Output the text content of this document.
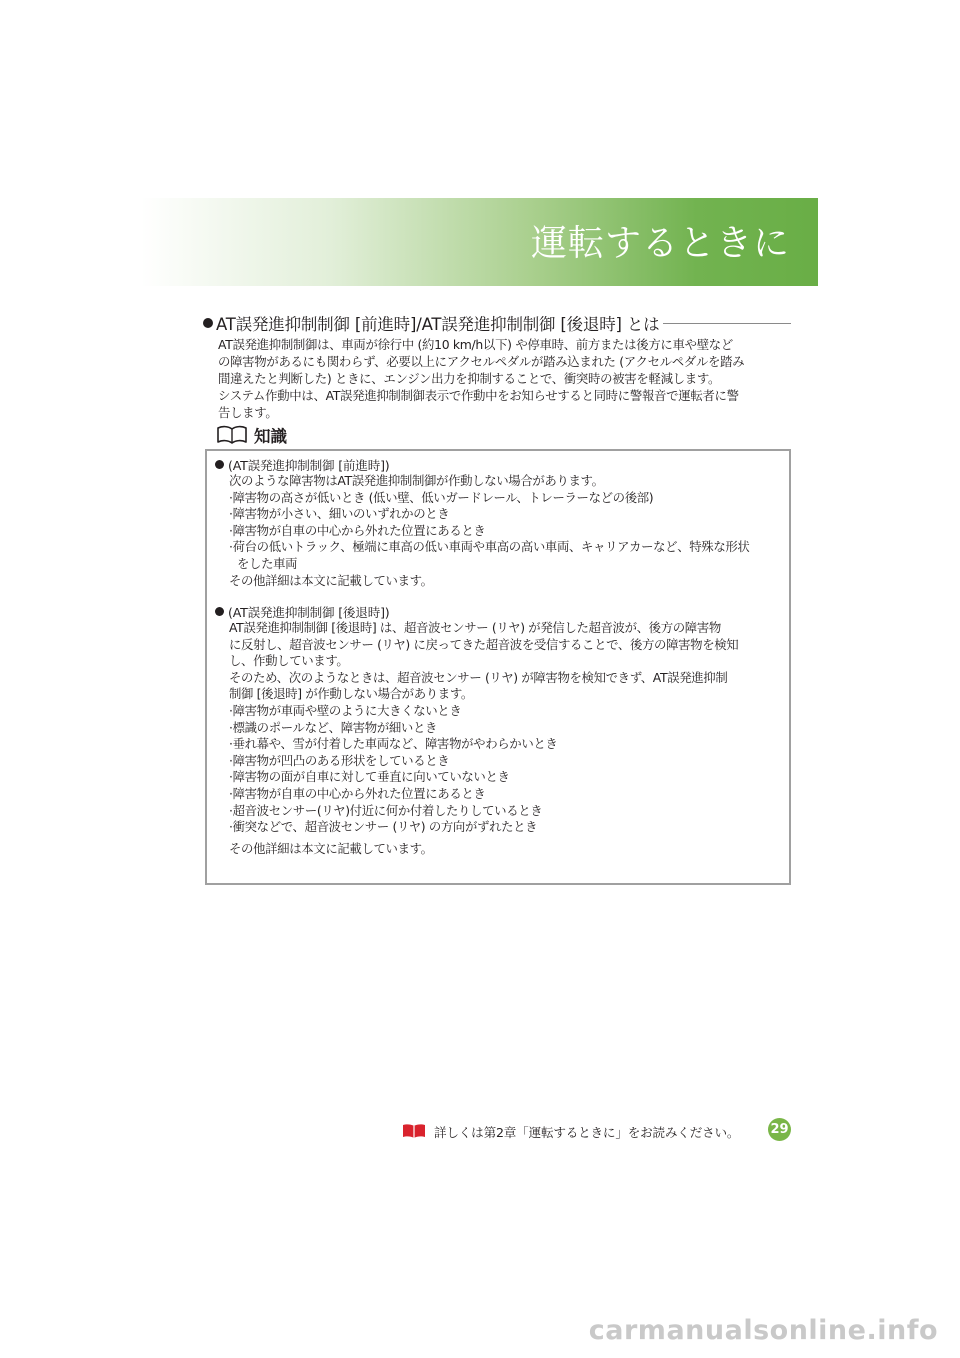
運転するときに
AT誤発進抑制制御 [前進時]/AT誤発進抑制制御 [後退時] とは

AT誤発進抑制制御は、車両が徐行中 (約10 km/h以下) や停車時、前方または後方に車や壁など

の障害物があるにも関わらず、必要以上にアクセルペダルが踏み込まれた (アクセルペダルを踏み

間違えたと判断した) ときに、エンジン出力を抑制することで、衝突時の被害を軽減します。

システム作動中は、AT誤発進抑制制御表示で作動中をお知らせすると同時に警報音で運転者に警

告します。

知識
(AT誤発進抑制制御 [前進時])

次のような障害物はAT誤発進抑制制御が作動しない場合があります。

·障害物の高さが低いとき (低い壁、低いガードレール、トレーラーなどの後部)

·障害物が小さい、細いのいずれかのとき

·障害物が自車の中心から外れた位置にあるとき

·荷台の低いトラック、極端に車高の低い車両や車高の高い車両、キャリアカーなど、特殊な形状

をした車両

その他詳細は本文に記載しています。

(AT誤発進抑制制御 [後退時])

AT誤発進抑制制御 [後退時] は、超音波センサー (リヤ) が発信した超音波が、後方の障害物

に反射し、超音波センサー (リヤ) に戻ってきた超音波を受信することで、後方の障害物を検知

し、作動しています。

そのため、次のようなときは、超音波センサー (リヤ) が障害物を検知できず、AT誤発進抑制

制御 [後退時] が作動しない場合があります。

·障害物が車両や壁のように大きくないとき

·標識のポールなど、障害物が細いとき

·垂れ幕や、雪が付着した車両など、障害物がやわらかいとき

·障害物が凹凸のある形状をしているとき

·障害物の面が自車に対して垂直に向いていないとき

·障害物が自車の中心から外れた位置にあるとき

·超音波センサー(リヤ)付近に何か付着したりしているとき

·衝突などで、超音波センサー (リヤ) の方向がずれたとき

その他詳細は本文に記載しています。

詳しくは第2章「運転するときに」をお読みください。 29
carmanualsonline.info
